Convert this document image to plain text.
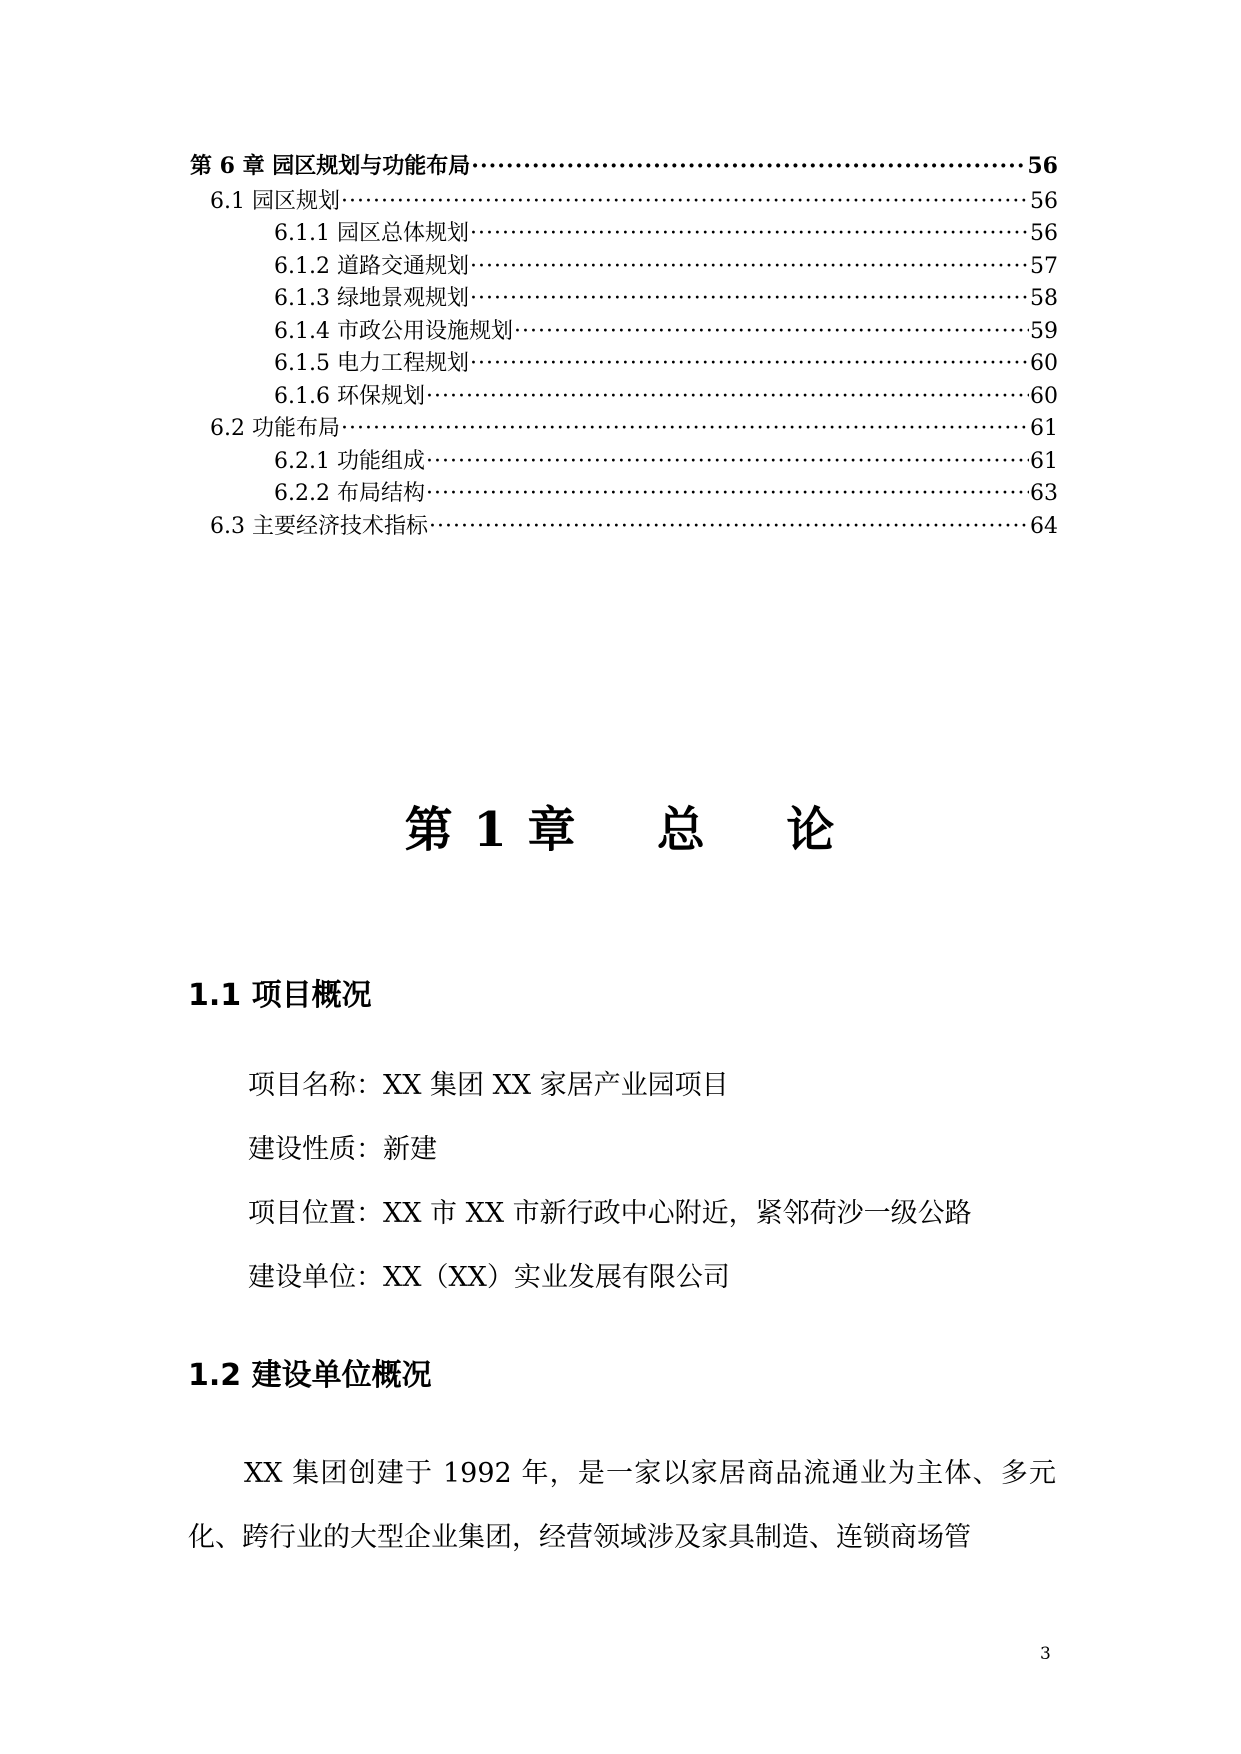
第 6 章 园区规划与功能布局 ·····	56
6.1 园区规划 ·····	56
6.1.1 园区总体规划 ·····	56
6.1.2 道路交通规划 ·····	57
6.1.3 绿地景观规划 ·····	58
6.1.4 市政公用设施规划 ·····	59
6.1.5 电力工程规划 ·····	60
6.1.6 环保规划 ·····	60
6.2 功能布局 ·····	61
6.2.1 功能组成 ·····	61
6.2.2 布局结构 ·····	63
6.3 主要经济技术指标 ·····	64
第 1 章 总 论
1.1 项目概况
项目名称：XX 集团 XX 家居产业园项目
建设性质：新建
项目位置：XX 市 XX 市新行政中心附近，紧邻荷沙一级公路
建设单位：XX（XX）实业发展有限公司
1.2 建设单位概况
XX 集团创建于 1992 年，是一家以家居商品流通业为主体、多元化、跨行业的大型企业集团，经营领域涉及家具制造、连锁商场管
3
